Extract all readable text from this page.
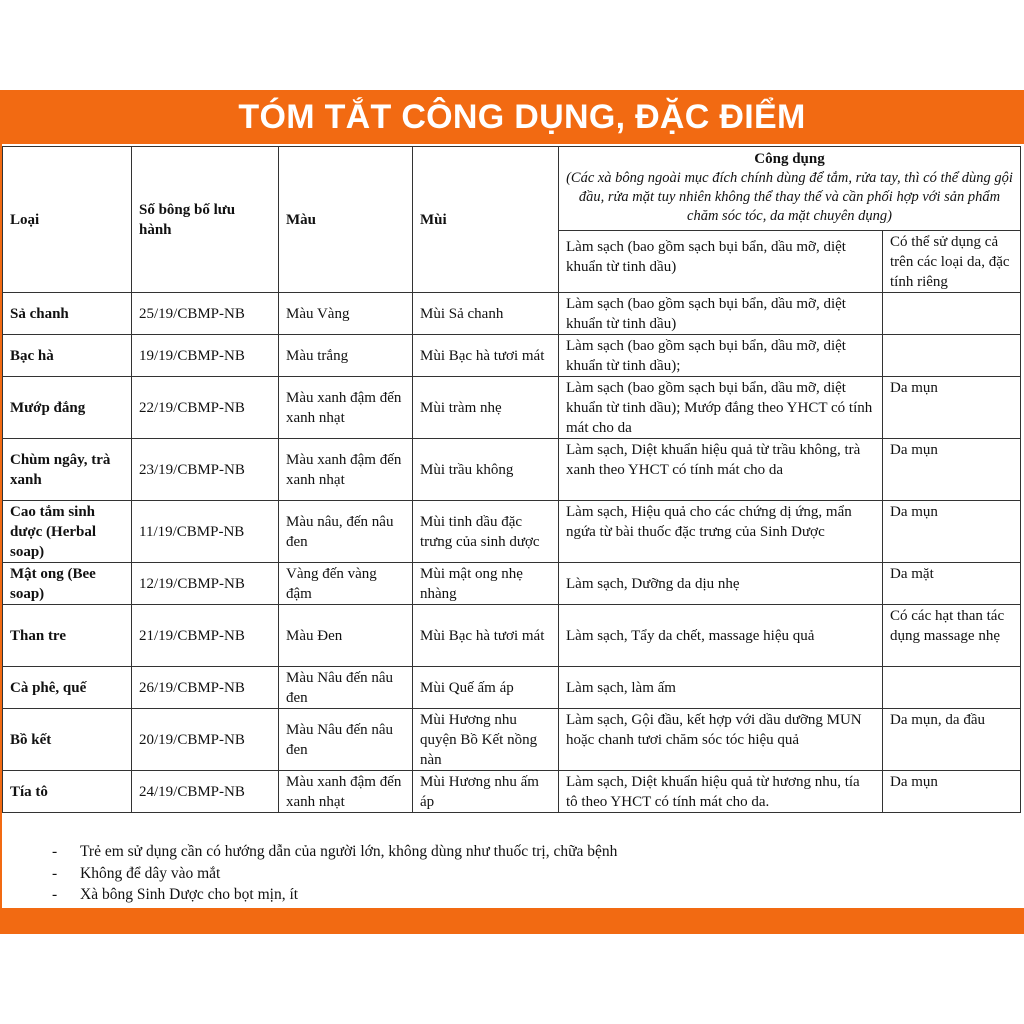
TÓM TẮT CÔNG DỤNG, ĐẶC ĐIỂM
Loại	Số bông bố lưu hành	Màu	Mùi	Công dụng
(Các xà bông ngoài mục đích chính dùng để tắm, rửa tay, thì có thể dùng gội đầu, rửa mặt tuy nhiên không thể thay thế và cần phối hợp với sản phẩm chăm sóc tóc, da mặt chuyên dụng)	

				Làm sạch (bao gồm sạch bụi bẩn, dầu mỡ, diệt khuẩn từ tinh dầu)	Có thể sử dụng cả trên các loại da, đặc tính riêng
Sả chanh	25/19/CBMP-NB	Màu Vàng	Mùi Sả chanh	Làm sạch (bao gồm sạch bụi bẩn, dầu mỡ, diệt khuẩn từ tinh dầu)	
Bạc hà	19/19/CBMP-NB	Màu trắng	Mùi Bạc hà tươi mát	Làm sạch (bao gồm sạch bụi bẩn, dầu mỡ, diệt khuẩn từ tinh dầu);	
Mướp đắng	22/19/CBMP-NB	Màu xanh đậm đến xanh nhạt	Mùi tràm nhẹ	Làm sạch (bao gồm sạch bụi bẩn, dầu mỡ, diệt khuẩn từ tinh dầu); Mướp đắng theo YHCT có tính mát cho da	Da mụn
Chùm ngây, trà xanh	23/19/CBMP-NB	Màu xanh đậm đến xanh nhạt	Mùi trầu không	Làm sạch, Diệt khuẩn hiệu quả từ trầu không, trà xanh theo YHCT có tính mát cho da	Da mụn
Cao tắm sinh dược (Herbal soap)	11/19/CBMP-NB	Màu nâu, đến nâu đen	Mùi tinh dầu đặc trưng của sinh dược	Làm sạch, Hiệu quả cho các chứng dị ứng, mẩn ngứa từ bài thuốc đặc trưng của Sinh Dược	Da mụn
Mật ong (Bee soap)	12/19/CBMP-NB	Vàng đến vàng đậm	Mùi mật ong nhẹ nhàng	Làm sạch, Dưỡng da dịu nhẹ	Da mặt
Than tre	21/19/CBMP-NB	Màu Đen	Mùi Bạc hà tươi mát	Làm sạch, Tẩy da chết, massage hiệu quả	Có các hạt than tác dụng massage nhẹ
Cà phê, quế	26/19/CBMP-NB	Màu Nâu đến nâu đen	Mùi Quế ấm áp	Làm sạch, làm ấm	
Bồ kết	20/19/CBMP-NB	Màu Nâu đến nâu đen	Mùi Hương nhu quyện Bồ Kết nồng nàn	Làm sạch, Gội đầu, kết hợp với dầu dưỡng MUN hoặc chanh tươi chăm sóc tóc hiệu quả	Da mụn, da đầu
Tía tô	24/19/CBMP-NB	Màu xanh đậm đến xanh nhạt	Mùi Hương nhu ấm áp	Làm sạch, Diệt khuẩn hiệu quả từ hương nhu, tía tô theo YHCT có tính mát cho da.	Da mụn
- Trẻ em sử dụng cần có hướng dẫn của người lớn, không dùng như thuốc trị, chữa bệnh
- Không để dây vào mắt
- Xà bông Sinh Dược cho bọt mịn, ít
